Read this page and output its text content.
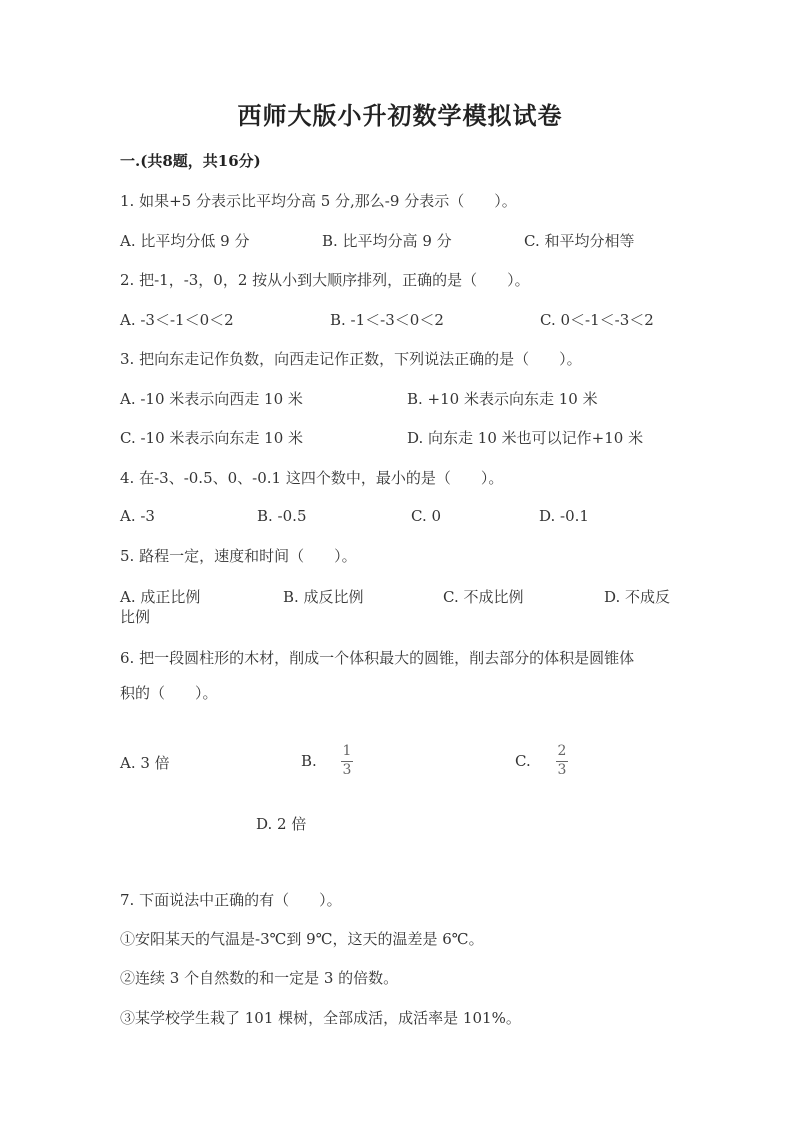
西师大版小升初数学模拟试卷
一.(共8题，共16分)
1. 如果+5 分表示比平均分高 5 分,那么-9 分表示（　　）。
A. 比平均分低 9 分	B. 比平均分高 9 分	C. 和平均分相等
2. 把-1，-3，0，2 按从小到大顺序排列，正确的是（　　）。
A. -3＜-1＜0＜2	B. -1＜-3＜0＜2	C. 0＜-1＜-3＜2
3. 把向东走记作负数，向西走记作正数，下列说法正确的是（　　）。
A. -10 米表示向西走 10 米	B. +10 米表示向东走 10 米
C. -10 米表示向东走 10 米	D. 向东走 10 米也可以记作+10 米
4. 在-3、-0.5、0、-0.1 这四个数中，最小的是（　　）。
A. -3	B. -0.5	C. 0	D. -0.1
5. 路程一定，速度和时间（　　）。
A. 成正比例	B. 成反比例	C. 不成比例	D. 不成反
比例
6. 把一段圆柱形的木材，削成一个体积最大的圆锥，削去部分的体积是圆锥体
积的（　　）。
A. 3 倍	B.
1
3	C.
2
3
D. 2 倍
7. 下面说法中正确的有（　　）。
①安阳某天的气温是-3℃到 9℃，这天的温差是 6℃。
②连续 3 个自然数的和一定是 3 的倍数。
③某学校学生栽了 101 棵树，全部成活，成活率是 101%。
